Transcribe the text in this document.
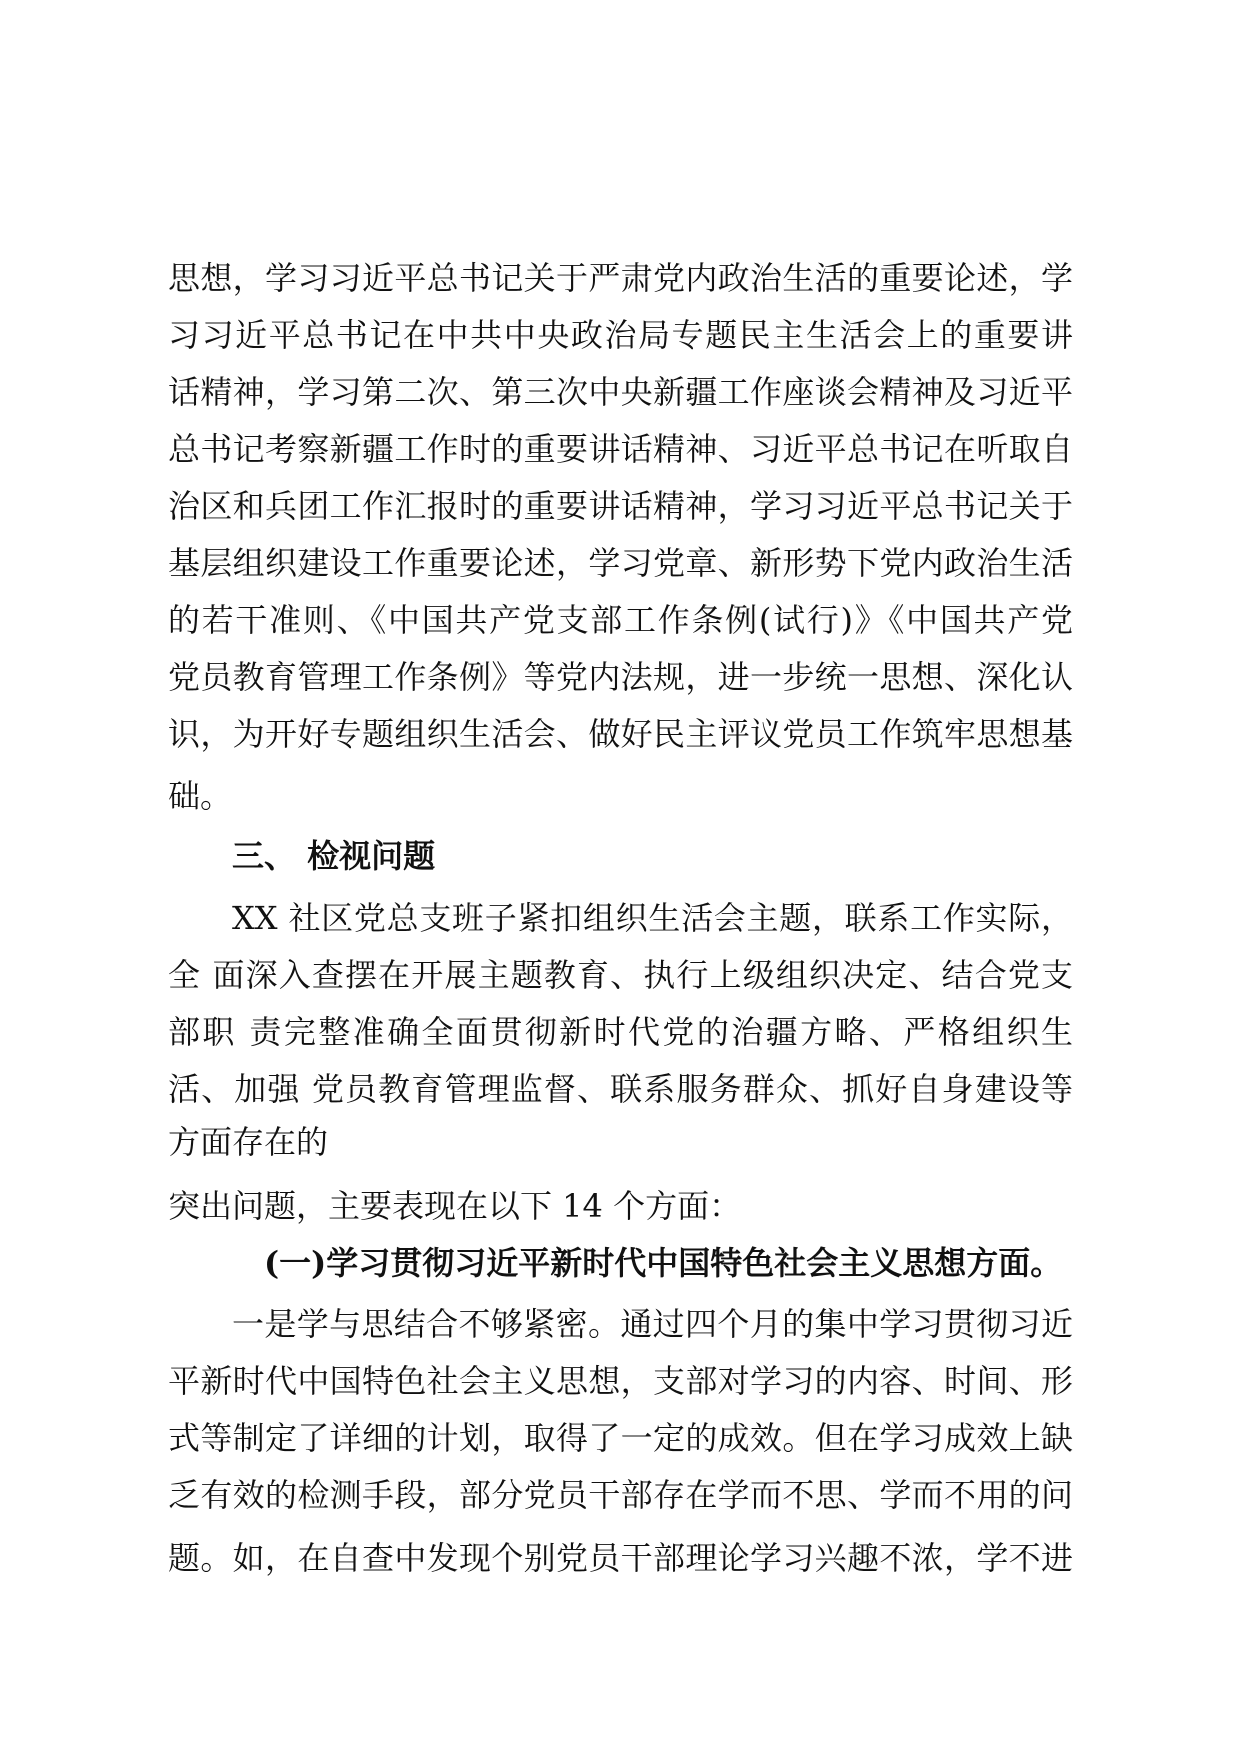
思想，学习习近平总书记关于严肃党内政治生活的重要论述，学
习习近平总书记在中共中央政治局专题民主生活会上的重要讲
话精神，学习第二次、第三次中央新疆工作座谈会精神及习近平
总书记考察新疆工作时的重要讲话精神、习近平总书记在听取自
治区和兵团工作汇报时的重要讲话精神，学习习近平总书记关于
基层组织建设工作重要论述，学习党章、新形势下党内政治生活
的若干准则、《中国共产党支部工作条例(试行)》《中国共产党
党员教育管理工作条例》等党内法规，进一步统一思想、深化认
识，为开好专题组织生活会、做好民主评议党员工作筑牢思想基
础。
三、 检视问题
XX 社区党总支班子紧扣组织生活会主题，联系工作实际，
全 面深入查摆在开展主题教育、执行上级组织决定、结合党支
部职 责完整准确全面贯彻新时代党的治疆方略、严格组织生
活、加强 党员教育管理监督、联系服务群众、抓好自身建设等
方面存在的
突出问题，主要表现在以下 14 个方面：
(一)学习贯彻习近平新时代中国特色社会主义思想方面。
一是学与思结合不够紧密。通过四个月的集中学习贯彻习近
平新时代中国特色社会主义思想，支部对学习的内容、时间、形
式等制定了详细的计划，取得了一定的成效。但在学习成效上缺
乏有效的检测手段，部分党员干部存在学而不思、学而不用的问
题。如，在自查中发现个别党员干部理论学习兴趣不浓，学不进
